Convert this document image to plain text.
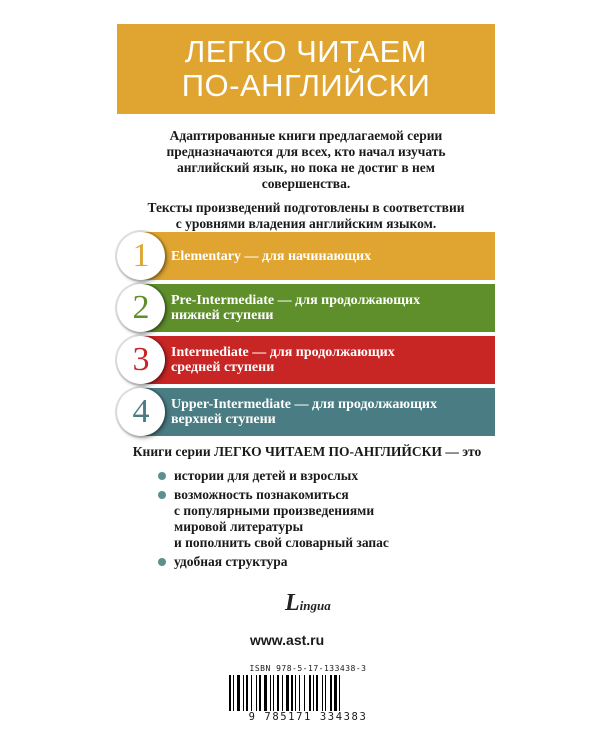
ЛЕГКО ЧИТАЕМ
ПО-АНГЛИЙСКИ

Адаптированные книги предлагаемой серии
предназначаются для всех, кто начал изучать
английский язык, но пока не достиг в нем
совершенства.

Тексты произведений подготовлены в соответствии
с уровнями владения английским языком.

1	Elementary — для начинающих
2	Pre-Intermediate — для продолжающих
нижней ступени
3	Intermediate — для продолжающих
средней ступени
4	Upper-Intermediate — для продолжающих
верхней ступени
Книги серии ЛЕГКО ЧИТАЕМ ПО-АНГЛИЙСКИ — это
истории для детей и взрослых
возможность познакомиться
с популярными произведениями
мировой литературы
и пополнить свой словарный запас
удобная структура
Lingua
www.ast.ru
ISBN 978-5-17-133438-3
9 785171 334383
